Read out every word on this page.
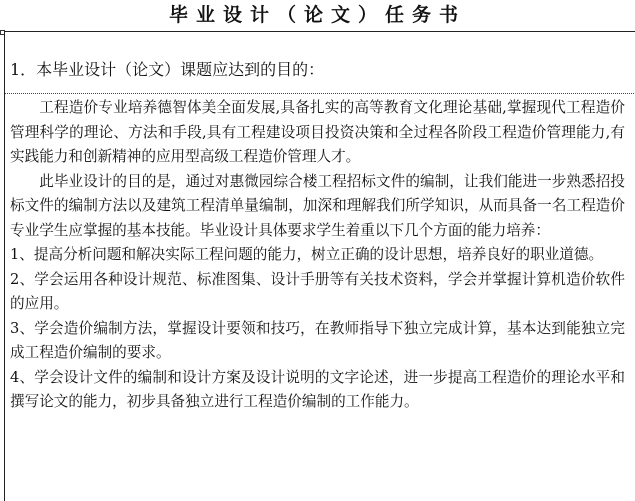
毕业设计（论文）任务书
1．本毕业设计（论文）课题应达到的目的：

工程造价专业培养德智体美全面发展,具备扎实的高等教育文化理论基础,掌握现代工程造价管理科学的理论、方法和手段,具有工程建设项目投资决策和全过程各阶段工程造价管理能力,有实践能力和创新精神的应用型高级工程造价管理人才。

此毕业设计的目的是，通过对惠微园综合楼工程招标文件的编制，让我们能进一步熟悉招投标文件的编制方法以及建筑工程清单量编制，加深和理解我们所学知识，从而具备一名工程造价专业学生应掌握的基本技能。毕业设计具体要求学生着重以下几个方面的能力培养：

1、提高分析问题和解决实际工程问题的能力，树立正确的设计思想，培养良好的职业道德。

2、学会运用各种设计规范、标准图集、设计手册等有关技术资料，学会并掌握计算机造价软件的应用。

3、学会造价编制方法，掌握设计要领和技巧，在教师指导下独立完成计算，基本达到能独立完成工程造价编制的要求。

4、学会设计文件的编制和设计方案及设计说明的文字论述，进一步提高工程造价的理论水平和撰写论文的能力，初步具备独立进行工程造价编制的工作能力。
